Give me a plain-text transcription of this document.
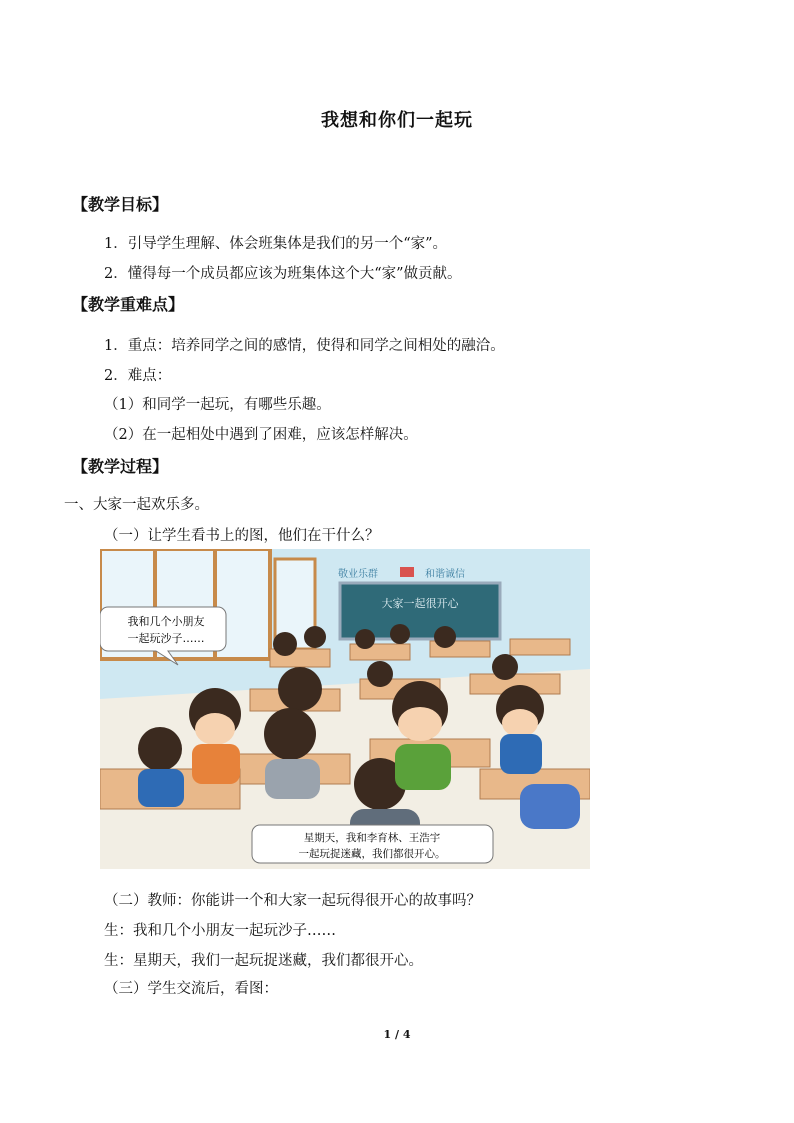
我想和你们一起玩
【教学目标】
1．引导学生理解、体会班集体是我们的另一个“家”。
2．懂得每一个成员都应该为班集体这个大“家”做贡献。
【教学重难点】
1．重点：培养同学之间的感情，使得和同学之间相处的融洽。
2．难点：
（1）和同学一起玩，有哪些乐趣。
（2）在一起相处中遇到了困难，应该怎样解决。
【教学过程】
一、大家一起欢乐多。
（一）让学生看书上的图，他们在干什么？
敬业乐群	和谐诚信
大家一起很开心
我和几个小朋友
一起玩沙子……
星期天，我和李育林、王浩宇
一起玩捉迷藏，我们都很开心。
（二）教师：你能讲一个和大家一起玩得很开心的故事吗？
生：我和几个小朋友一起玩沙子……
生：星期天，我们一起玩捉迷藏，我们都很开心。
（三）学生交流后，看图：
1 / 4
